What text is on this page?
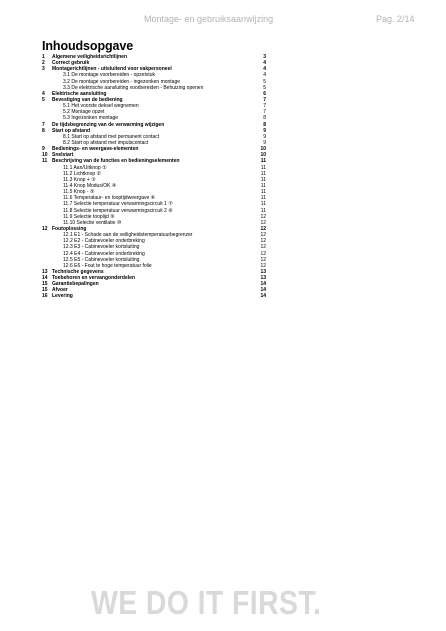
Montage- en gebruiksaanwijzing	Pag. 2/14
Inhoudsopgave
1 Algemene veiligheidsrichtlijnen	3
2 Correct gebruik	4
3 Montagerichtlijnen - uitsluitend voor vakpersoneel	4
3.1 De montage voorbereiden - opzetstuk	4
3.2 De montage voorbereiden - ingezonken montage	5
3.3 De elektrische aansluiting voorbereiden - Behuizing openen	5
4 Elektrische aansluiting	6
5 Bevestiging van de bediening	7
5.1 Het voorste deksel wegnemen	7
5.2 Montage opzet	7
5.3 Ingezonken montage	8
7 De tijdsbegrenzing van de verwarming wijzigen	8
8 Start op afstand	9
8.1 Start op afstand met permanent contact	9
8.2 Start op afstand met impulscontact	9
9 Bedienings- en weergave-elementen	10
10 Snelstart	10
11 Beschrijving van de functies en bedieningselementen	11
11.1 Aan/Uitknop ①	11
11.2 Lichtknop ②	11
11.3 Knop + ③	11
11.4 Knop Modus/OK ④	11
11.5 Knop - ⑤	11
11.6 Temperatuur- en looptijdweergave ⑥	11
11.7 Selectie temperatuur verwarmingscircuit 1 ⑦	11
11.8 Selectie temperatuur verwarmingscircuit 2 ⑧	11
11.9 Selectie tooplijd ⑨	12
11.10 Selectie ventilatie ⑩	12
12 Foutoplossing	12
12.1 E1 - Schade aan de veiligheidstemperatuurbegrenzer	12
12.2 E2 - Cabinevoeler onderbreking	12
12.3 E3 - Cabinevoeler kortsluiting	12
12.4 E4 - Cabinevoeler onderbreking	12
12.5 E5 - Cabinevoeler kortsluiting	12
12.6 E6 - Fout te hoge temperatuur folie	12
13 Technische gegevens	13
14 Toebehoren en vervangonderdelen	13
15 Garantiebepalingen	14
15 Afvoer	14
16 Levering	14
WE DO IT FIRST.
